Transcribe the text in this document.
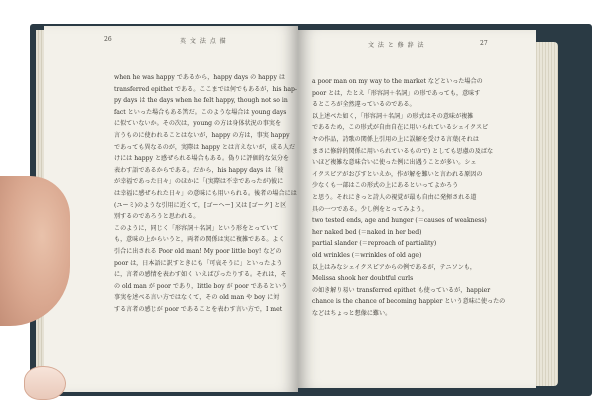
26	英 文 法 点 描
when he was happy であるから，happy days の happy は
transferred epithet である。ここまでは何でもあるが，his hap-
py days は the days when he felt happy, though not so in
fact といった場合もある筈だ。このような場合は young days
に似ていないか。その次は，young の方は身体状況の事実を
言うものに使われることはないが，happy の方は，事実 happy
であっても異なるのが，実際は happy とは言えないが，成る人だ
けには happy と感ぜられる場合もある。偽りに評価的な気分を
表わす語であるからである。だから，his happy days は「彼
が幸福であった日々」のほかに「(実際は不幸であったが)彼に
は幸福に感ぜられた日々」の意味にも用いられる。後者の場合には
(ユーミ)のような引用に近くて，[ゴーヘー] 又は [ゴーク] と区
別するのであろうと思われる。
このように，同じく「形容詞＋名詞」という形をとっていて
も，意味の上からいうと，両者の関係は実に複雑である。よく
引合に出される Poor old man! My poor little boy! などの
poor は，日本語に訳すときにも「可哀そうに」といったよう
に，言者の感情を表わす如く いえばぴったりする。それは，そ
の old man が poor であり，little boy が poor であるという
事実を述べる言い方ではなくて，その old man や boy に対
する言者の感じが poor であることを表わす言い方で，I met
文 法 と 修 辞 法	27
a poor man on my way to the market などといった場合の
poor とは，たとえ「形容詞＋名詞」の形であっても，意味す
るところが全然違っているのである。
以上述べた如く，「形容詞＋名詞」の形式はその意味が複雑
であるため，この形式が自由自在に用いられているシェイクスピ
ヤの作品，詩歌の関係上引用の上に誤解を受ける言葉(それは
まさに修辞的関係に用いられているもので) としても思慮の及ばな
いほど複雑な意味合いに使った例に出遇うことが多い。シェ
イクスピアがおびすといえか，作が解を難いと言われる原因の
少なくも一部はこの形式の上にあるといってよかろう
と思う。それにきっと詩人の視覚が最も自由に発揮される道
具の一つである。少し例をとってみよう。
two tested ends, age and hunger (＝causes of weakness)
her naked bed (＝naked in her bed)
partial slander (＝reproach of partiality)
old wrinkles (＝wrinkles of old age)
以上はみなシェイクスピアからの例であるが，テニソンも，
Melissa shook her doubtful curls
の如き解り易い transferred epithet も使っているが，happier
chance is the chance of becoming happier という意味に使ったの
などはちょっと想像に難い。
